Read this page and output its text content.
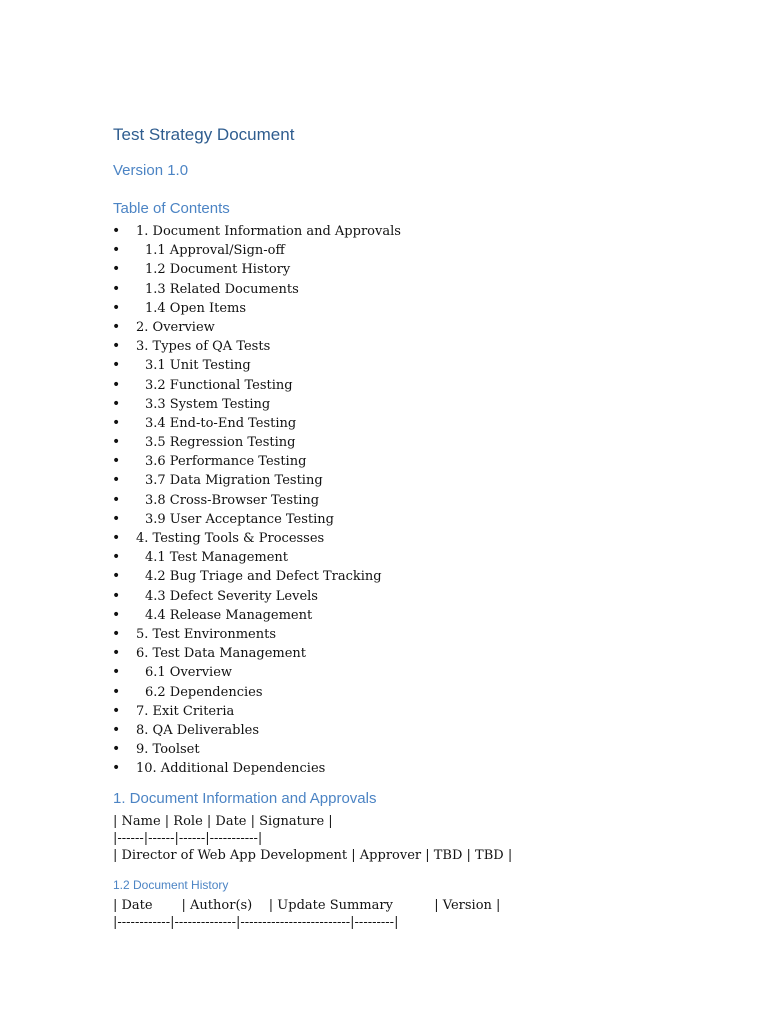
Test Strategy Document
Version 1.0
Table of Contents
• 1. Document Information and Approvals
• 1.1 Approval/Sign-off
• 1.2 Document History
• 1.3 Related Documents
• 1.4 Open Items
• 2. Overview
• 3. Types of QA Tests
• 3.1 Unit Testing
• 3.2 Functional Testing
• 3.3 System Testing
• 3.4 End-to-End Testing
• 3.5 Regression Testing
• 3.6 Performance Testing
• 3.7 Data Migration Testing
• 3.8 Cross-Browser Testing
• 3.9 User Acceptance Testing
• 4. Testing Tools & Processes
• 4.1 Test Management
• 4.2 Bug Triage and Defect Tracking
• 4.3 Defect Severity Levels
• 4.4 Release Management
• 5. Test Environments
• 6. Test Data Management
• 6.1 Overview
• 6.2 Dependencies
• 7. Exit Criteria
• 8. QA Deliverables
• 9. Toolset
• 10. Additional Dependencies
1. Document Information and Approvals

| Name | Role | Date | Signature |

|------|------|------|-----------|

| Director of Web App Development | Approver | TBD | TBD |

1.2 Document History

| Date       | Author(s)    | Update Summary          | Version |

|------------|--------------|-------------------------|---------|
